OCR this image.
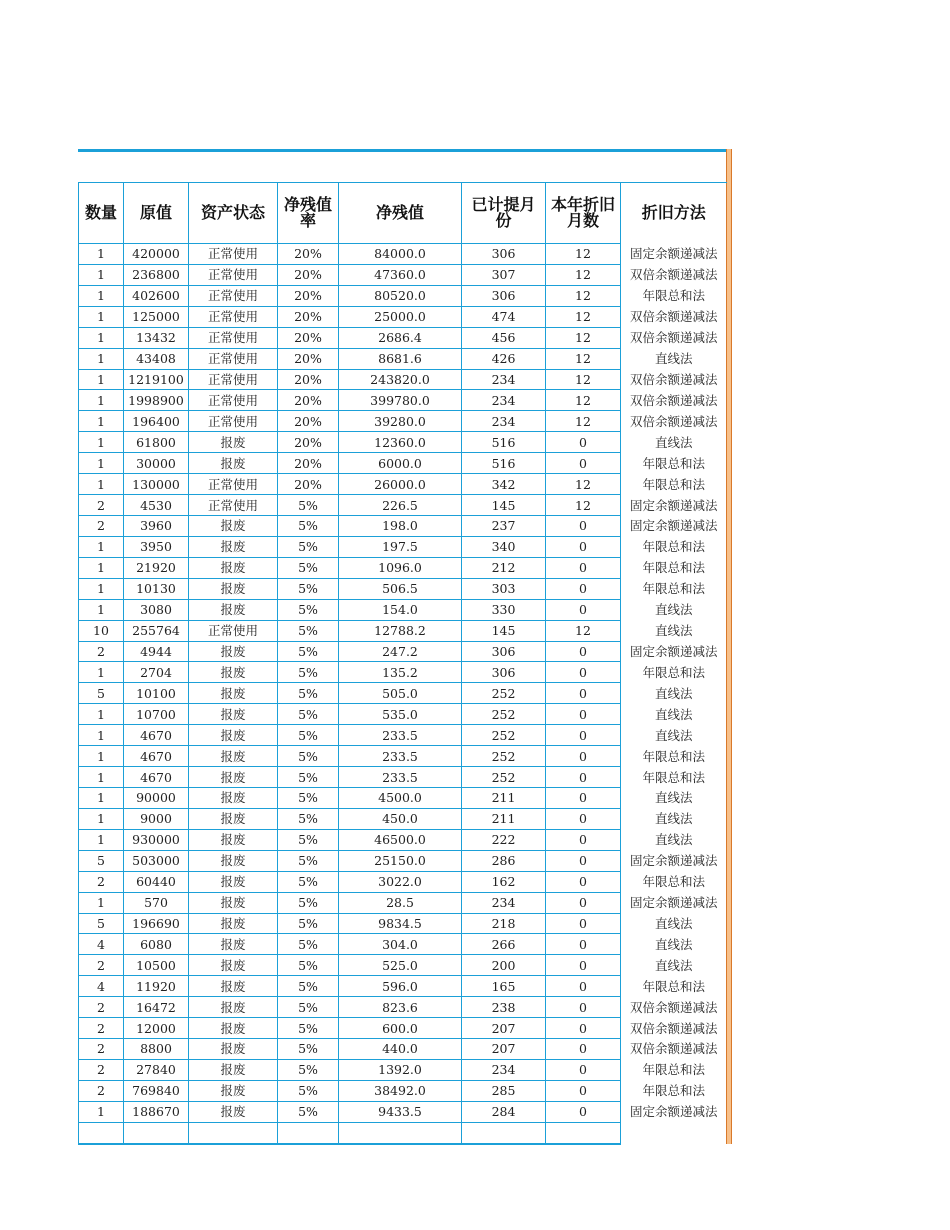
数量	原值	资产状态	净残值率	净残值	已计提月份	本年折旧月数	折旧方法
1	420000	正常使用	20%	84000.0	306	12	固定余额递减法
1	236800	正常使用	20%	47360.0	307	12	双倍余额递减法
1	402600	正常使用	20%	80520.0	306	12	年限总和法
1	125000	正常使用	20%	25000.0	474	12	双倍余额递减法
1	13432	正常使用	20%	2686.4	456	12	双倍余额递减法
1	43408	正常使用	20%	8681.6	426	12	直线法
1	1219100	正常使用	20%	243820.0	234	12	双倍余额递减法
1	1998900	正常使用	20%	399780.0	234	12	双倍余额递减法
1	196400	正常使用	20%	39280.0	234	12	双倍余额递减法
1	61800	报废	20%	12360.0	516	0	直线法
1	30000	报废	20%	6000.0	516	0	年限总和法
1	130000	正常使用	20%	26000.0	342	12	年限总和法
2	4530	正常使用	5%	226.5	145	12	固定余额递减法
2	3960	报废	5%	198.0	237	0	固定余额递减法
1	3950	报废	5%	197.5	340	0	年限总和法
1	21920	报废	5%	1096.0	212	0	年限总和法
1	10130	报废	5%	506.5	303	0	年限总和法
1	3080	报废	5%	154.0	330	0	直线法
10	255764	正常使用	5%	12788.2	145	12	直线法
2	4944	报废	5%	247.2	306	0	固定余额递减法
1	2704	报废	5%	135.2	306	0	年限总和法
5	10100	报废	5%	505.0	252	0	直线法
1	10700	报废	5%	535.0	252	0	直线法
1	4670	报废	5%	233.5	252	0	直线法
1	4670	报废	5%	233.5	252	0	年限总和法
1	4670	报废	5%	233.5	252	0	年限总和法
1	90000	报废	5%	4500.0	211	0	直线法
1	9000	报废	5%	450.0	211	0	直线法
1	930000	报废	5%	46500.0	222	0	直线法
5	503000	报废	5%	25150.0	286	0	固定余额递减法
2	60440	报废	5%	3022.0	162	0	年限总和法
1	570	报废	5%	28.5	234	0	固定余额递减法
5	196690	报废	5%	9834.5	218	0	直线法
4	6080	报废	5%	304.0	266	0	直线法
2	10500	报废	5%	525.0	200	0	直线法
4	11920	报废	5%	596.0	165	0	年限总和法
2	16472	报废	5%	823.6	238	0	双倍余额递减法
2	12000	报废	5%	600.0	207	0	双倍余额递减法
2	8800	报废	5%	440.0	207	0	双倍余额递减法
2	27840	报废	5%	1392.0	234	0	年限总和法
2	769840	报废	5%	38492.0	285	0	年限总和法
1	188670	报废	5%	9433.5	284	0	固定余额递减法
